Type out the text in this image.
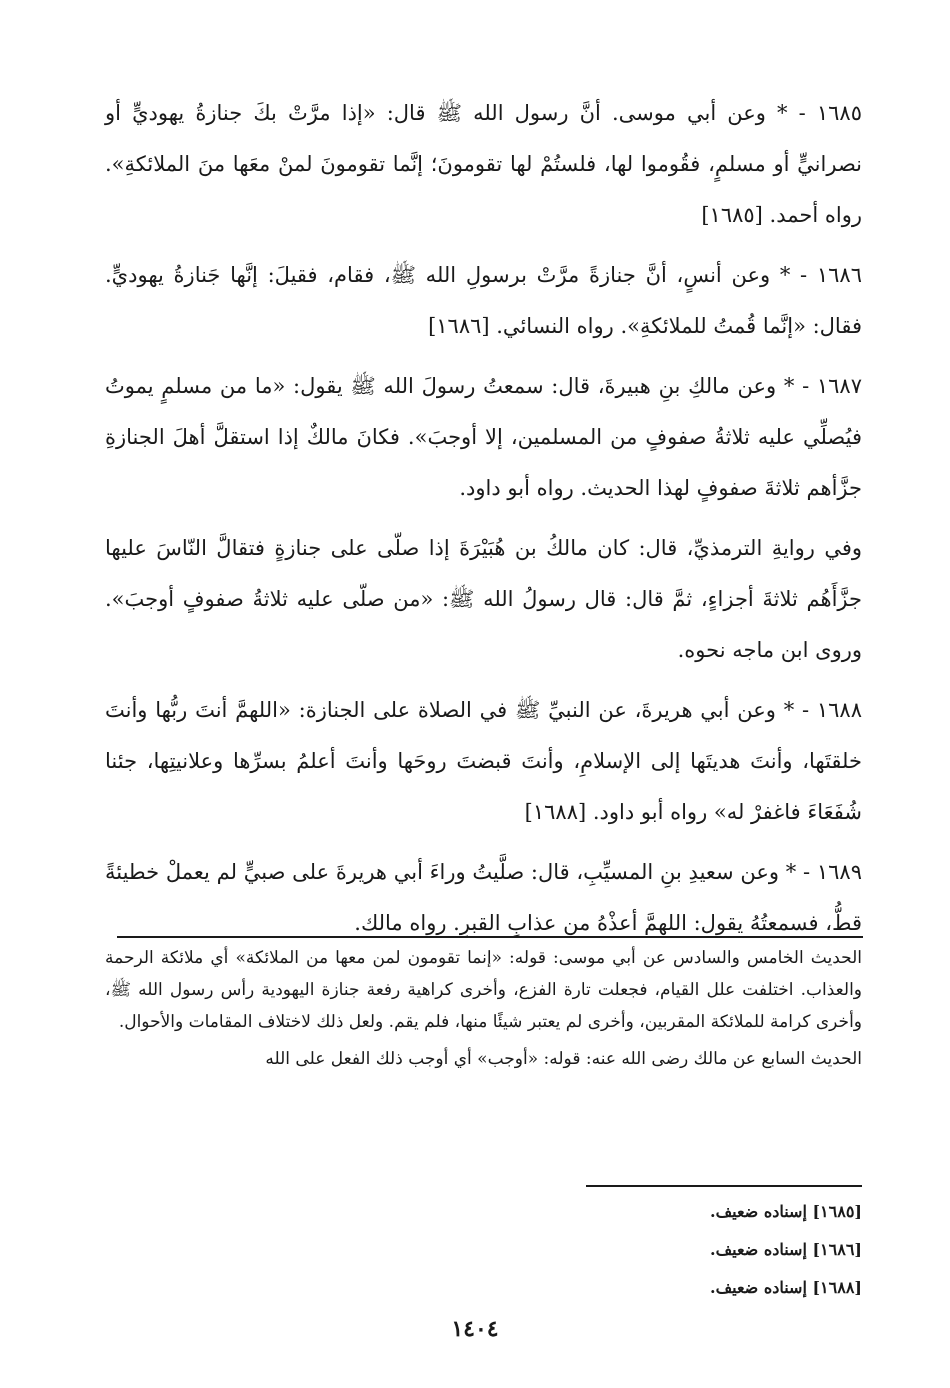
١٦٨٥ - * وعن أبي موسى. أنَّ رسول الله ﷺ قال: «إذا مرَّتْ بكَ جنازةُ يهوديٍّ أو نصرانيٍّ أو مسلمٍ، فقُوموا لها، فلستُمْ لها تقومونَ؛ إنَّما تقومونَ لمنْ معَها منَ الملائكةِ». رواه أحمد. [١٦٨٥]

١٦٨٦ - * وعن أنسٍ، أنَّ جنازةً مرَّتْ برسولِ الله ﷺ، فقام، فقيلَ: إنَّها جَنازةُ يهوديٍّ. فقال: «إنَّما قُمتُ للملائكةِ». رواه النسائي. [١٦٨٦]

١٦٨٧ - * وعن مالكِ بنِ هبيرةَ، قال: سمعتُ رسولَ الله ﷺ يقول: «ما من مسلمٍ يموتُ فيُصلِّي عليه ثلاثةُ صفوفٍ من المسلمين، إلا أوجبَ». فكانَ مالكٌ إذا استقلَّ أهلَ الجنازةِ جزَّأهم ثلاثةَ صفوفٍ لهذا الحديث. رواه أبو داود.

وفي روايةِ الترمذيِّ، قال: كان مالكُ بن هُبَيْرَةَ إذا صلّى على جنازةٍ فتقالَّ النّاسَ عليها جزَّأَهُم ثلاثةَ أجزاءٍ، ثمَّ قال: قال رسولُ الله ﷺ: «من صلّى عليه ثلاثةُ صفوفٍ أوجبَ». وروى ابن ماجه نحوه.

١٦٨٨ - * وعن أبي هريرةَ، عن النبيِّ ﷺ في الصلاة على الجنازة: «اللهمَّ أنتَ ربُّها وأنتَ خلقتَها، وأنتَ هديتَها إلى الإسلامِ، وأنتَ قبضتَ روحَها وأنتَ أعلمُ بسرِّها وعلانيتِها، جئنا شُفَعَاءَ فاغفرْ له» رواه أبو داود. [١٦٨٨]

١٦٨٩ - * وعن سعيدِ بنِ المسيِّبِ، قال: صلَّيتُ وراءَ أبي هريرةَ على صبيٍّ لم يعملْ خطيئةً قطُّ، فسمعتُهُ يقول: اللهمَّ أعذْهُ من عذابِ القبرِ. رواه مالك.

الحديث الخامس والسادس عن أبي موسى: قوله: «إنما تقومون لمن معها من الملائكة» أي ملائكة الرحمة والعذاب. اختلفت علل القيام، فجعلت تارة الفزع، وأخرى كراهية رفعة جنازة اليهودية رأس رسول الله ﷺ، وأخرى كرامة للملائكة المقربين، وأخرى لم يعتبر شيئًا منها، فلم يقم. ولعل ذلك لاختلاف المقامات والأحوال.

الحديث السابع عن مالك رضى الله عنه: قوله: «أوجب» أي أوجب ذلك الفعل على الله

[١٦٨٥] إسناده ضعيف.
[١٦٨٦] إسناده ضعيف.
[١٦٨٨] إسناده ضعيف.
١٤٠٤
